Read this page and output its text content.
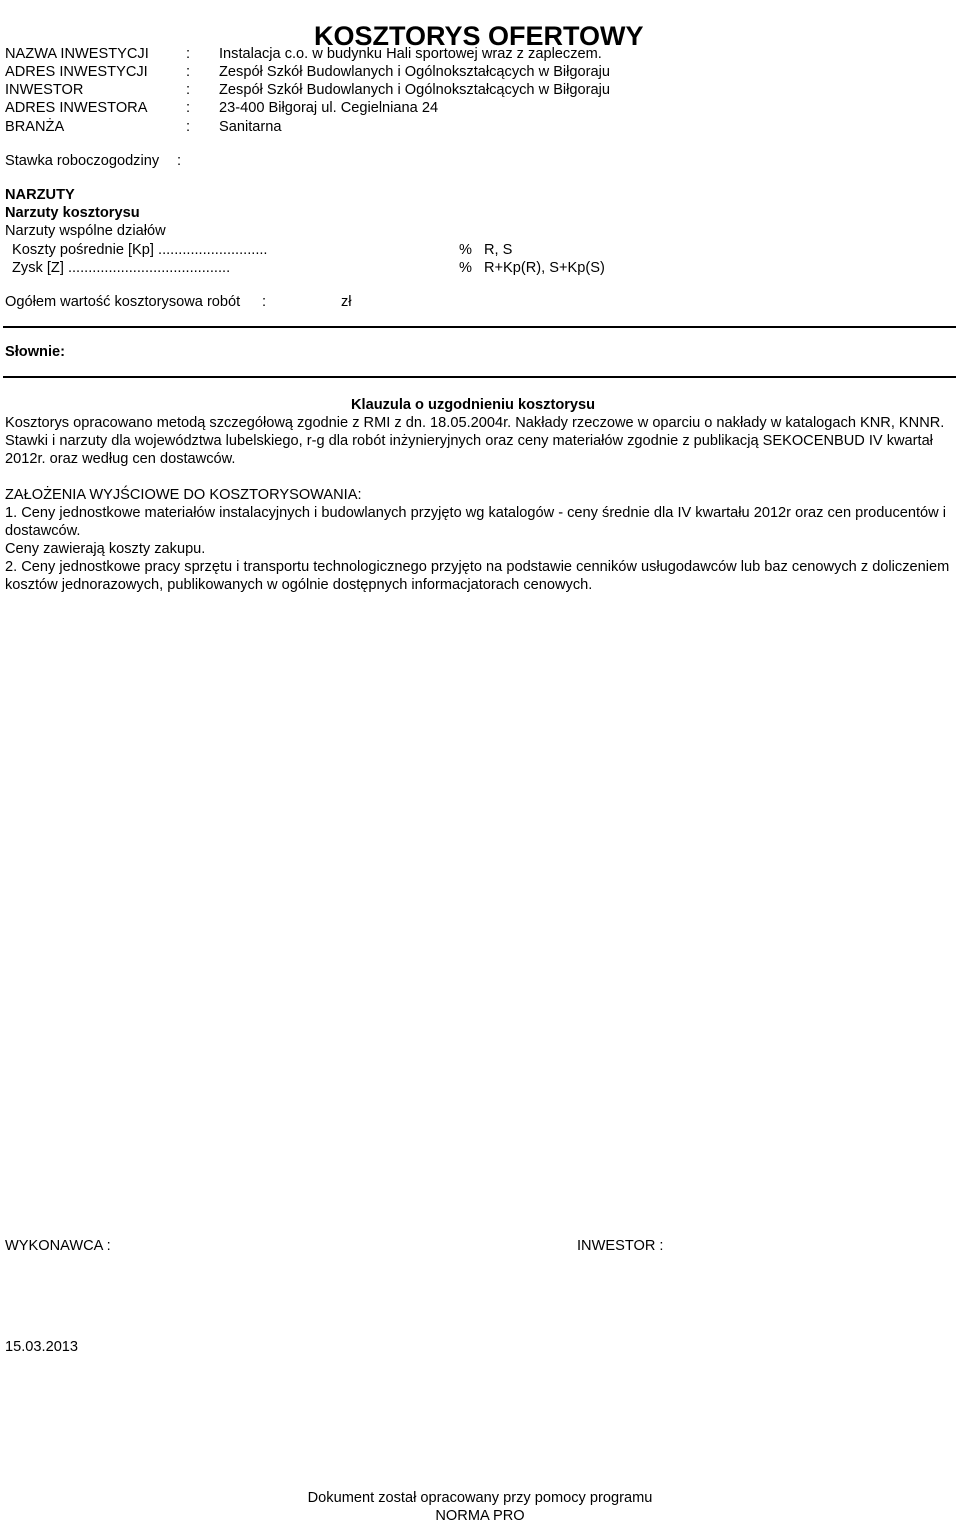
KOSZTORYS OFERTOWY
NAZWA INWESTYCJI	: Instalacja c.o. w budynku Hali sportowej wraz z zapleczem.
ADRES INWESTYCJI	: Zespół Szkół Budowlanych i Ogólnokształcących w Biłgoraju
INWESTOR	: Zespół Szkół Budowlanych i Ogólnokształcących w Biłgoraju
ADRES INWESTORA	: 23-400 Biłgoraj ul. Cegielniana 24
BRANŻA	: Sanitarna
Stawka roboczogodziny :
NARZUTY
Narzuty kosztorysu
Narzuty wspólne działów
Koszty pośrednie [Kp] ...........................	% R, S
Zysk [Z] ........................................	% R+Kp(R), S+Kp(S)
Ogółem wartość kosztorysowa robót :	zł
Słownie:
Klauzula o uzgodnieniu kosztorysu
Kosztorys opracowano metodą szczegółową zgodnie z RMI z dn. 18.05.2004r. Nakłady rzeczowe w oparciu o nakłady w katalogach KNR, KNNR. Stawki i narzuty dla województwa lubelskiego, r-g dla robót inżynieryjnych oraz ceny materiałów zgodnie z publikacją SEKOCENBUD IV kwartał 2012r. oraz według cen dostawców.
ZAŁOŻENIA WYJŚCIOWE DO KOSZTORYSOWANIA:
1. Ceny jednostkowe materiałów instalacyjnych i budowlanych przyjęto wg katalogów - ceny średnie dla IV kwartału 2012r oraz cen producentów i dostawców.
Ceny zawierają koszty zakupu.
2. Ceny jednostkowe pracy sprzętu i transportu technologicznego przyjęto na podstawie cenników usługodawców lub baz cenowych z doliczeniem kosztów jednorazowych, publikowanych w ogólnie dostępnych informacjatorach cenowych.
WYKONAWCA :	INWESTOR :
15.03.2013
Dokument został opracowany przy pomocy programu
NORMA PRO
